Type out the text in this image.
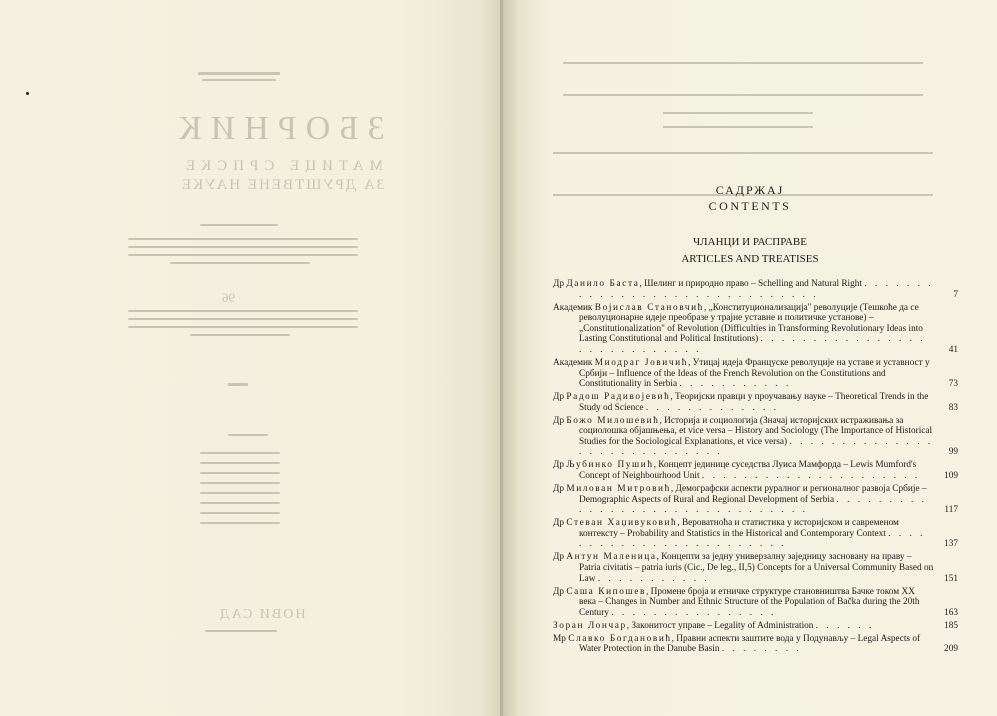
ЗБОРНИК
МАТИЦЕ СРПСКЕ
ЗА ДРУШТВЕНЕ НАУКЕ
96
НОВИ САД
САДРЖАЈ
CONTENTS
ЧЛАНЦИ И РАСПРАВЕ
ARTICLES AND TREATISES
Др Данило Баста, Шелинг и природно право – Schelling and Natural Right . . . . . . . . . . . . . . . . . . . . . . . . . . . . . .	7
Академик Војислав Становчић, „Конституционализација" револуције (Тешкоће да се револуционарне идеје преобразе у трајне уставне и политичке установе) – „Constitutionalization" of Revolution (Difficulties in Transforming Revolutionary Ideas into Lasting Constitutional and Political Institutions) . . . . . . . . . . . . . . . . . . . . . . . . . . . .	41
Академик Миодраг Јовичић, Утицај идеја Француске револуције на уставе и уставност у Србији – Influence of the Ideas of the French Revolution on the Constitutions and Constitutionality in Serbia . . . . . . . . . . .	73
Др Радош Радивојевић, Теоријски правци у проучавању науке – Theoretical Trends in the Study od Science . . . . . . . . . . . . .	83
Др Божо Милошевић, Историја и социологија (Значај историјских истраживања за социолошка објашњења, et vice versa – History and Sociology (The Importance of Historical Studies for the Sociological Explanations, et vice versa) . . . . . . . . . . . . . . . . . . . . . . . . . . . .	99
Др Љубинко Пушић, Концепт јединице суседства Луиса Мамфорда – Lewis Mumford's Concept of Neighbourhood Unit . . . . . . . . . . . . . . . . . . . . .	109
Др Милован Митровић, Демографски аспекти руралног и регионалног развоја Србије – Demographic Aspects of Rural and Regional Development of Serbia . . . . . . . . . . . . . . . . . . . . . . . . . . . . . . .	117
Др Стеван Хаџивуковић, Вероватноћа и статистика у историјском и савременом контексту – Probability and Statistics in the Historical and Contemporary Context . . . . . . . . . . . . . . . . . . . . . . . .	137
Др Антун Маленица, Концепти за једну универзалну заједницу засновану на праву – Patria civitatis – patria iuris (Cic., De leg., II,5) Concepts for a Universal Community Based on Law . . . . . . . . . . .	151
Др Саша Кипошев, Промене броја и етничке структуре становништва Бачке током XX века – Changes in Number and Ethnic Structure of the Population of Bačka during the 20th Century . . . . . . . . . . . . . . . .	163
Зоран Лончар, Законитост управе – Legality of Administration . . . . . .	185
Мр Славко Богдановић, Правни аспекти заштите вода у Подунављу – Legal Aspects of Water Protection in the Danube Basin . . . . . . . .	209
